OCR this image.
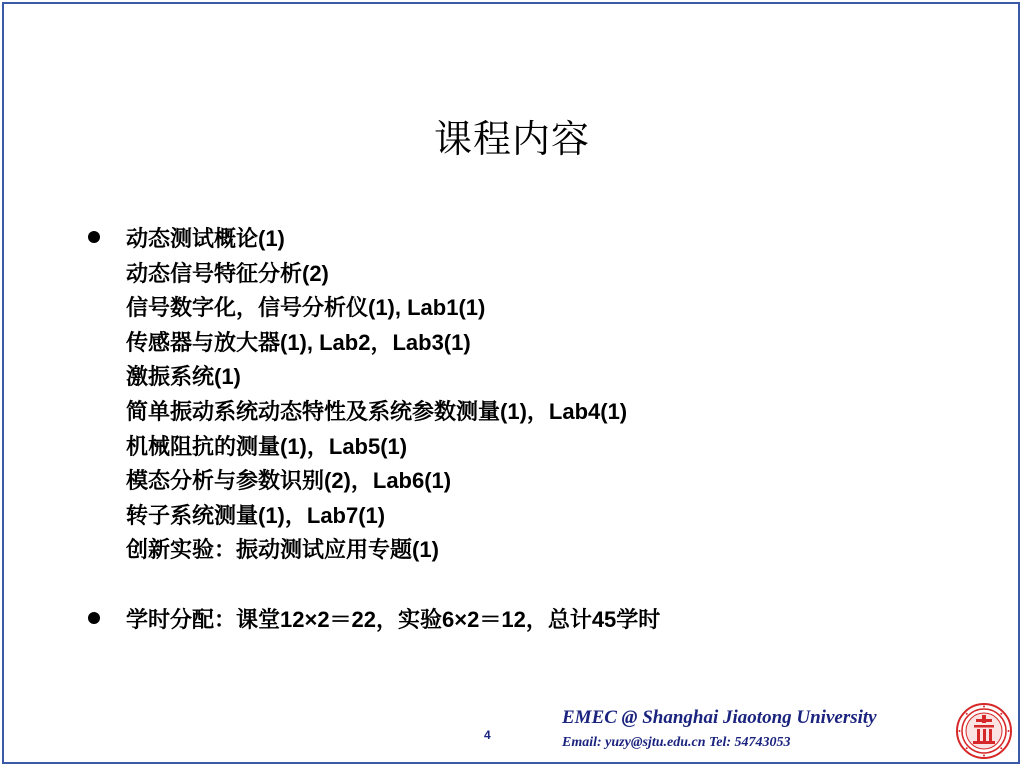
课程内容
动态测试概论(1)
动态信号特征分析(2)
信号数字化，信号分析仪(1), Lab1(1)
传感器与放大器(1), Lab2，Lab3(1)
激振系统(1)
简单振动系统动态特性及系统参数测量(1)，Lab4(1)
机械阻抗的测量(1)，Lab5(1)
模态分析与参数识别(2)，Lab6(1)
转子系统测量(1)，Lab7(1)
创新实验：振动测试应用专题(1)
学时分配：课堂12×2＝22，实验6×2＝12，总计45学时
4
EMEC @ Shanghai Jiaotong University
Email: yuzy@sjtu.edu.cn Tel: 54743053
